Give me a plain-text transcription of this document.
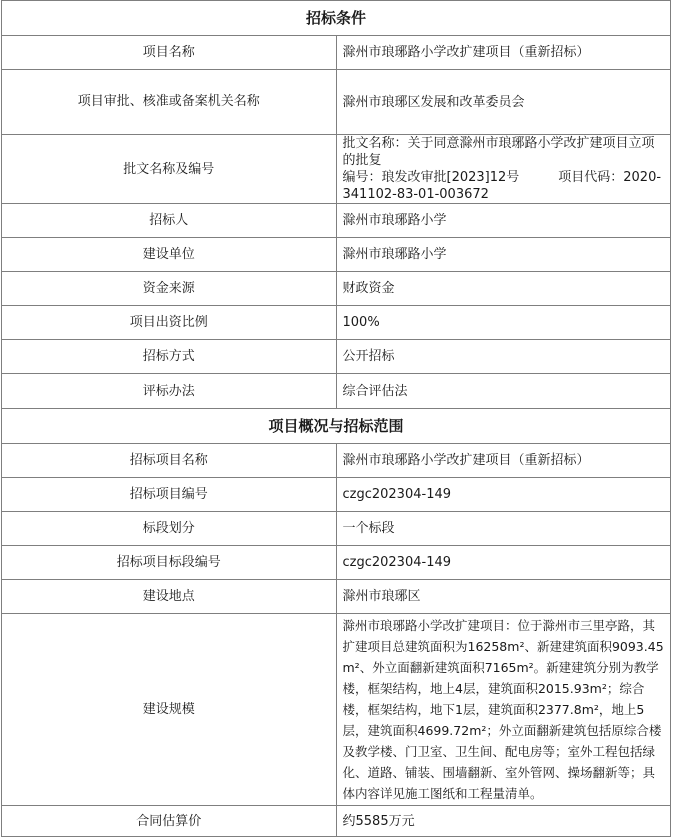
招标条件	
项目名称	滁州市琅琊路小学改扩建项目（重新招标）
项目审批、核准或备案机关名称	滁州市琅琊区发展和改革委员会
批文名称及编号	批文名称：关于同意滁州市琅琊路小学改扩建项目立项的批复
编号：琅发改审批[2023]12号　　　项目代码：2020-341102-83-01-003672

招标人	滁州市琅琊路小学
建设单位	滁州市琅琊路小学
资金来源	财政资金
项目出资比例	100%
招标方式	公开招标
评标办法	综合评估法
项目概况与招标范围	
招标项目名称	滁州市琅琊路小学改扩建项目（重新招标）
招标项目编号	czgc202304-149
标段划分	一个标段
招标项目标段编号	czgc202304-149
建设地点	滁州市琅琊区
建设规模	滁州市琅琊路小学改扩建项目：位于滁州市三里亭路，其扩建项目总建筑面积为16258m²、新建建筑面积9093.45m²、外立面翻新建筑面积7165m²。新建建筑分别为教学楼，框架结构，地上4层，建筑面积2015.93m²；综合楼，框架结构，地下1层，建筑面积2377.8m²，地上5层，建筑面积4699.72m²；外立面翻新建筑包括原综合楼及教学楼、门卫室、卫生间、配电房等；室外工程包括绿化、道路、铺装、围墙翻新、室外管网、操场翻新等；具体内容详见施工图纸和工程量清单。
合同估算价	约5585万元
